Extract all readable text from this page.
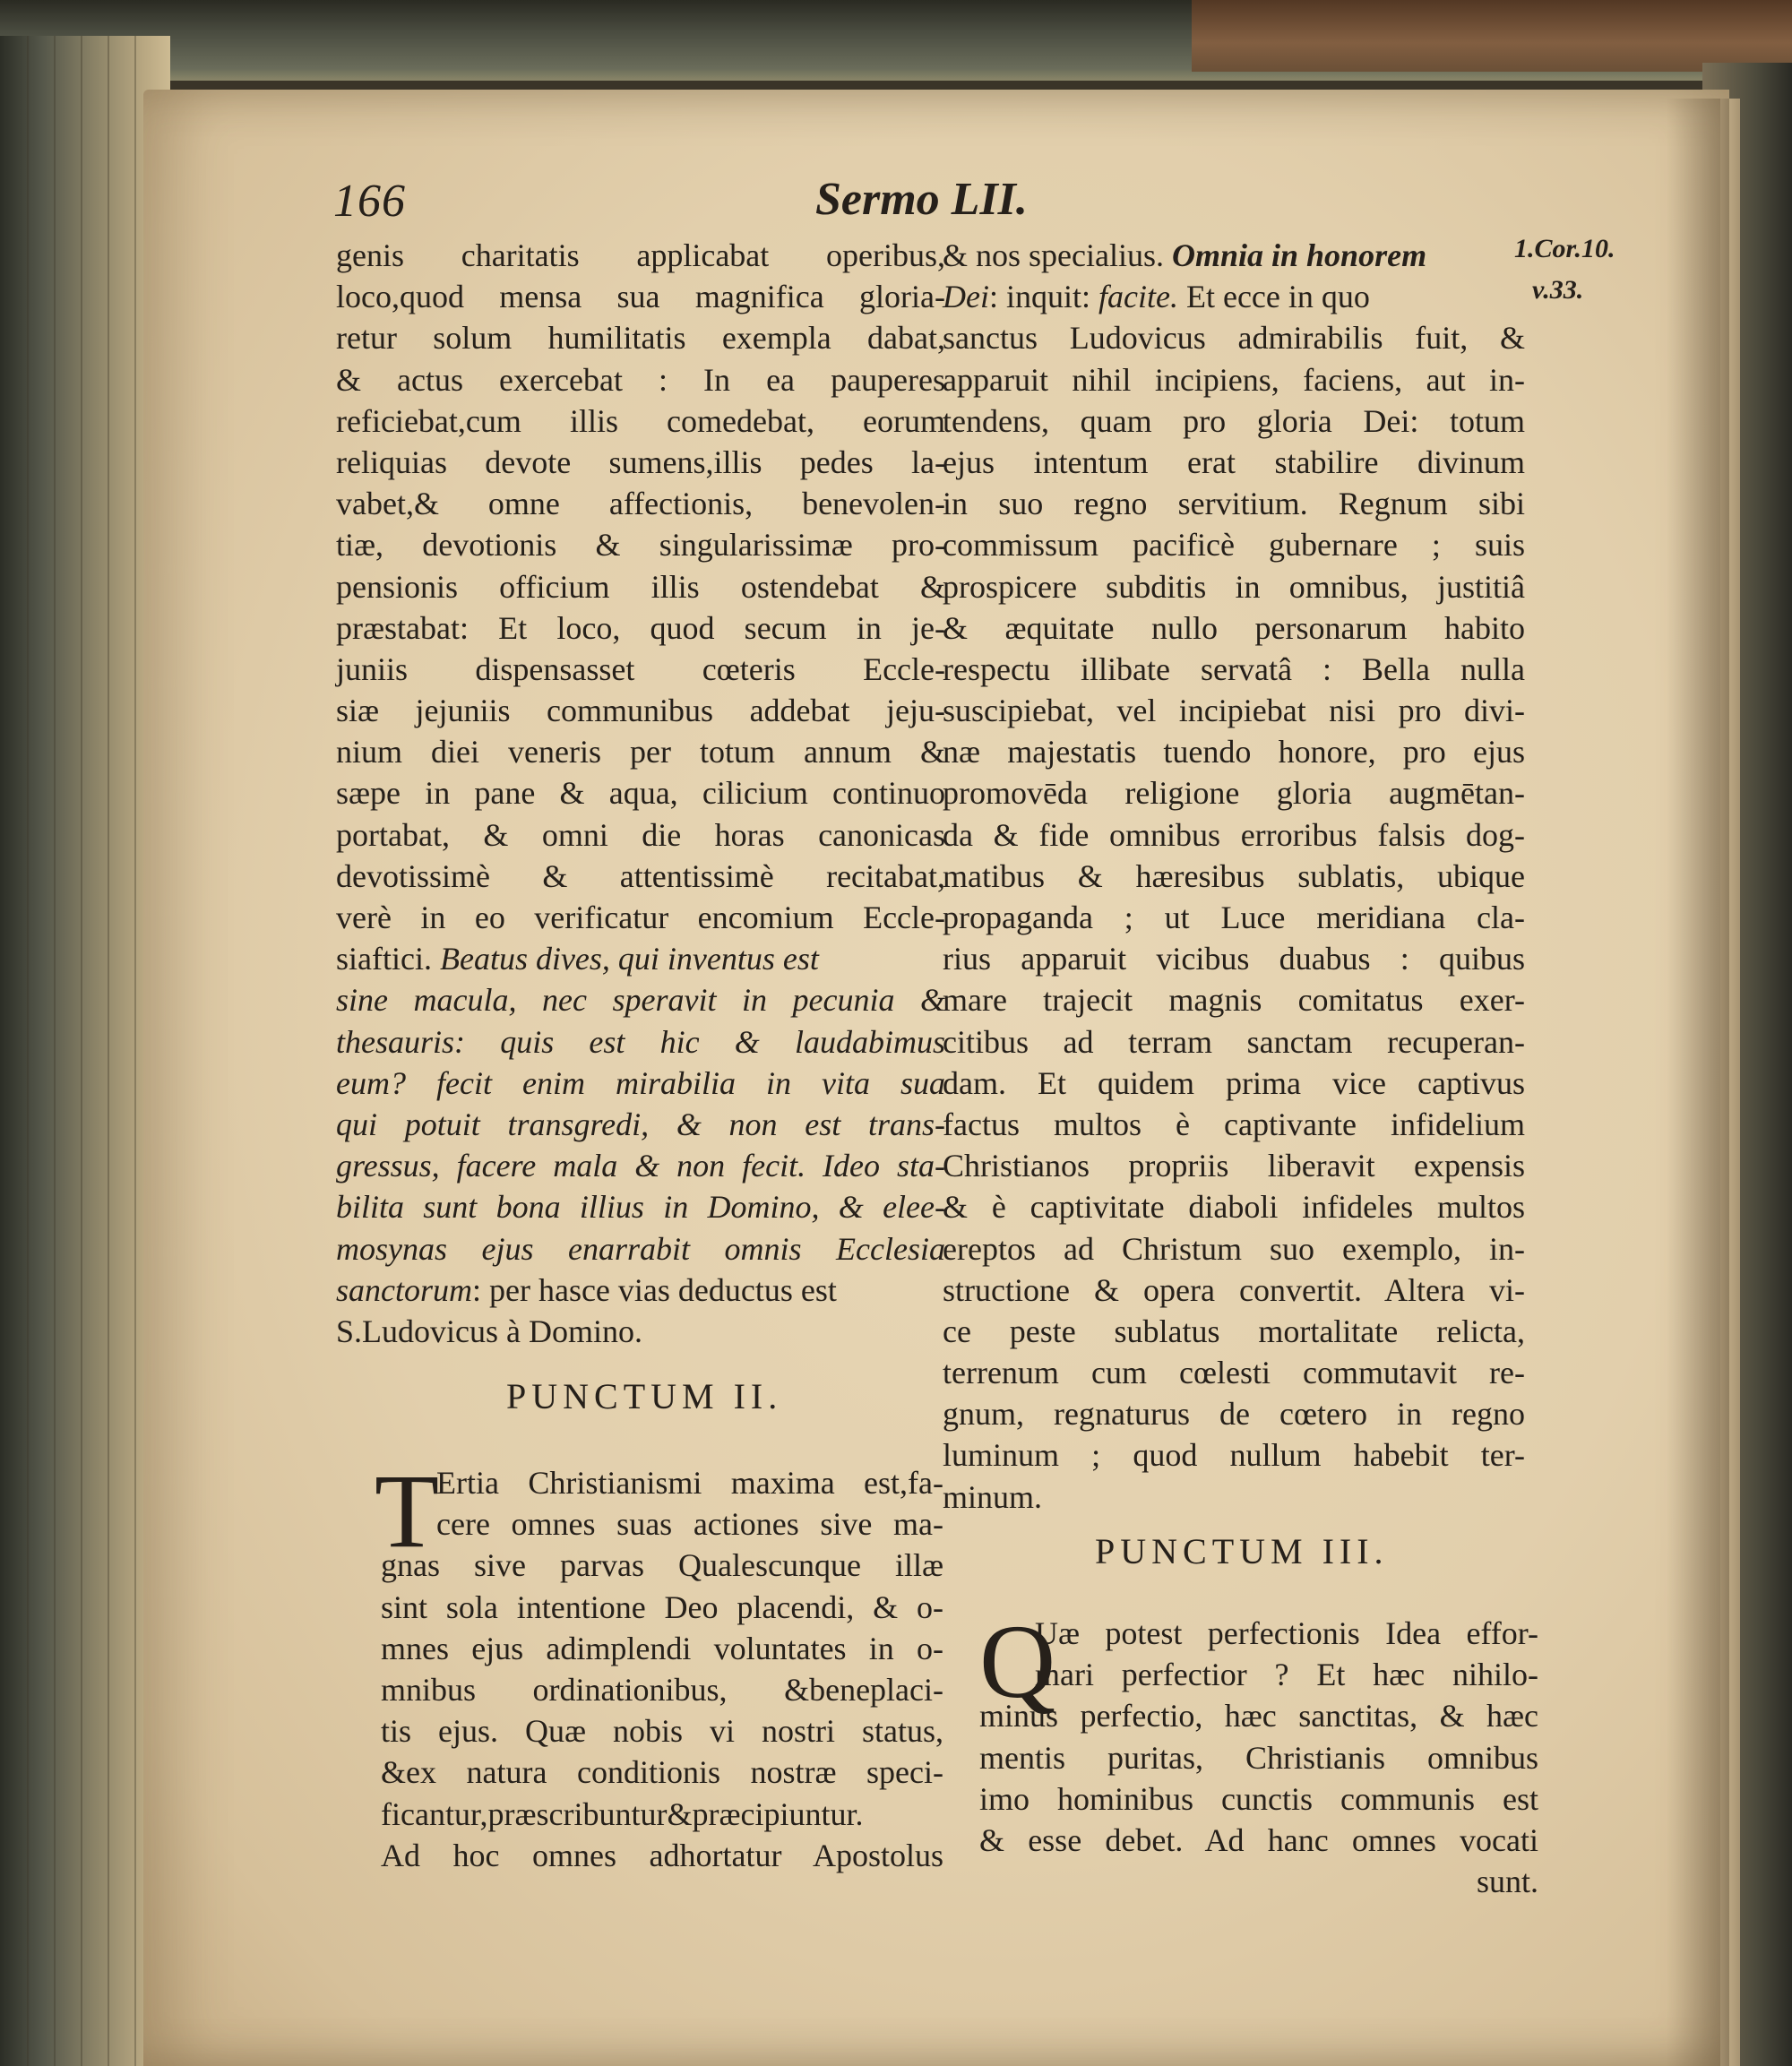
166	Sermo LII.
1.Cor.10.
v.33.
genis charitatis applicabat operibus,
loco,quod mensa sua magnifica gloria-
retur solum humilitatis exempla dabat,
& actus exercebat : In ea pauperes
reficiebat,cum illis comedebat, eorum
reliquias devote sumens,illis pedes la-
vabet,& omne affectionis, benevolen-
tiæ, devotionis & singularissimæ pro-
pensionis officium illis ostendebat &
præstabat: Et loco, quod secum in je-
juniis dispensasset cœteris Eccle-
siæ jejuniis communibus addebat jeju-
nium diei veneris per totum annum &
sæpe in pane & aqua, cilicium continuo
portabat, & omni die horas canonicas
devotissimè & attentissimè recitabat,
verè in eo verificatur encomium Eccle-
siaftici. Beatus dives, qui inventus est
sine macula, nec speravit in pecunia &
thesauris: quis est hic & laudabimus
eum? fecit enim mirabilia in vita sua
qui potuit transgredi, & non est trans-
gressus, facere mala & non fecit. Ideo sta-
bilita sunt bona illius in Domino, & elee-
mosynas ejus enarrabit omnis Ecclesia
sanctorum: per hasce vias deductus est
S.Ludovicus à Domino.
PUNCTUM II.
T
Ertia Christianismi maxima est,fa-
cere omnes suas actiones sive ma-
gnas sive parvas Qualescunque illæ
sint sola intentione Deo placendi, & o-
mnes ejus adimplendi voluntates in o-
mnibus ordinationibus, &beneplaci-
tis ejus. Quæ nobis vi nostri status,
&ex natura conditionis nostræ speci-
ficantur,præscribuntur&præcipiuntur.
Ad hoc omnes adhortatur Apostolus
& nos specialius. Omnia in honorem
Dei: inquit: facite. Et ecce in quo
sanctus Ludovicus admirabilis fuit, &
apparuit nihil incipiens, faciens, aut in-
tendens, quam pro gloria Dei: totum
ejus intentum erat stabilire divinum
in suo regno servitium. Regnum sibi
commissum pacificè gubernare ; suis
prospicere subditis in omnibus, justitiâ
& æquitate nullo personarum habito
respectu illibate servatâ : Bella nulla
suscipiebat, vel incipiebat nisi pro divi-
næ majestatis tuendo honore, pro ejus
promovēda religione gloria augmētan-
da & fide omnibus erroribus falsis dog-
matibus & hæresibus sublatis, ubique
propaganda ; ut Luce meridiana cla-
rius apparuit vicibus duabus : quibus
mare trajecit magnis comitatus exer-
citibus ad terram sanctam recuperan-
dam. Et quidem prima vice captivus
factus multos è captivante infidelium
Christianos propriis liberavit expensis
& è captivitate diaboli infideles multos
ereptos ad Christum suo exemplo, in-
structione & opera convertit. Altera vi-
ce peste sublatus mortalitate relicta,
terrenum cum cœlesti commutavit re-
gnum, regnaturus de cœtero in regno
luminum ; quod nullum habebit ter-
minum.
PUNCTUM III.
Q
Uæ potest perfectionis Idea effor-
mari perfectior ? Et hæc nihilo-
minus perfectio, hæc sanctitas, & hæc
mentis puritas, Christianis omnibus
imo hominibus cunctis communis est
& esse debet. Ad hanc omnes vocati
sunt.
